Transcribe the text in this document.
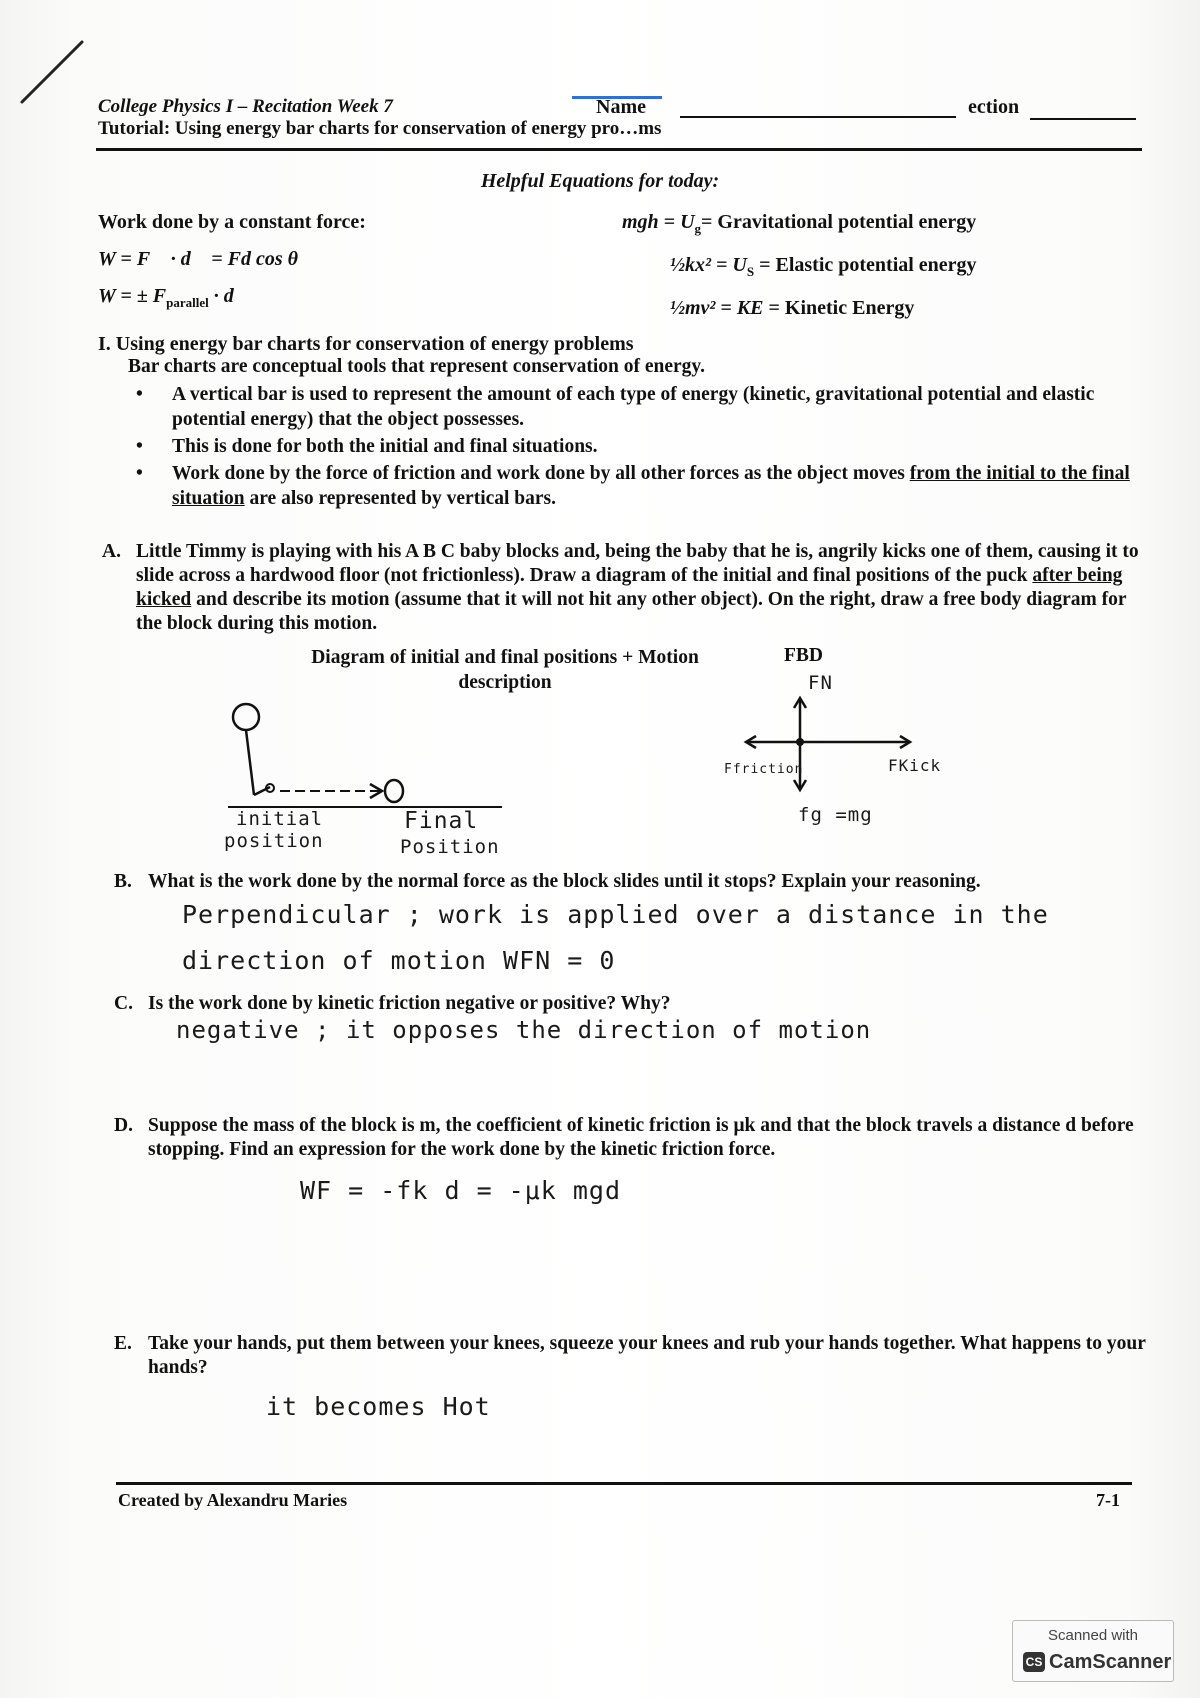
College Physics I – Recitation Week 7
Tutorial: Using energy bar charts for conservation of energy pro…ms
Name	ection
Helpful Equations for today:
Work done by a constant force:
W = F⃗ · d⃗ = Fd cos θ
W = ± $F_{parallel} \cdot d$
mgh = $U_g=$ Gravitational potential energy
½kx² = $U_S$ = Elastic potential energy
½mv² = KE = Kinetic Energy
I. Using energy bar charts for conservation of energy problems
Bar charts are conceptual tools that represent conservation of energy.
• A vertical bar is used to represent the amount of each type of energy (kinetic, gravitational potential and elastic potential energy) that the object possesses.
• This is done for both the initial and final situations.
• Work done by the force of friction and work done by all other forces as the object moves from the initial to the final situation are also represented by vertical bars.
A. Little Timmy is playing with his A B C baby blocks and, being the baby that he is, angrily kicks one of them, causing it to slide across a hardwood floor (not frictionless). Draw a diagram of the initial and final positions of the puck after being kicked and describe its motion (assume that it will not hit any other object). On the right, draw a free body diagram for the block during this motion.
Diagram of initial and final positions + Motion description
FBD
initial
position
Final
Position
FN
Ffriction	FKick
fg =mg
B. What is the work done by the normal force as the block slides until it stops? Explain your reasoning.
Perpendicular ; work is applied over a distance in the
direction of motion WFN = 0
C. Is the work done by kinetic friction negative or positive? Why?
negative ; it opposes the direction of motion
D. Suppose the mass of the block is m, the coefficient of kinetic friction is μk and that the block travels a distance d before stopping. Find an expression for the work done by the kinetic friction force.
WF = -fk d = -μk mgd
E. Take your hands, put them between your knees, squeeze your knees and rub your hands together. What happens to your hands?
it becomes Hot
Created by Alexandru Maries	7-1
Scanned with
CS CamScanner
